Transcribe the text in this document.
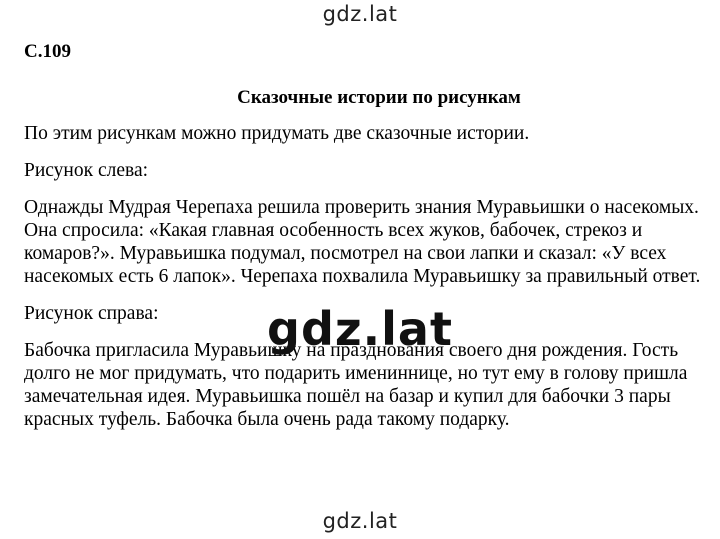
gdz.lat
С.109
Сказочные истории по рисункам

По этим рисункам можно придумать две сказочные истории.

Рисунок слева:

Однажды Мудрая Черепаха решила проверить знания Муравьишки о насекомых. Она спросила: «Какая главная особенность всех жуков, бабочек, стрекоз и комаров?». Муравьишка подумал, посмотрел на свои лапки и сказал: «У всех насекомых есть 6 лапок». Черепаха похвалила Муравьишку за правильный ответ.

Рисунок справа:

Бабочка пригласила Муравьишку на празднования своего дня рождения. Гость долго не мог придумать, что подарить имениннице, но тут ему в голову пришла замечательная идея. Муравьишка пошёл на базар и купил для бабочки 3 пары красных туфель. Бабочка была очень рада такому подарку.

gdz.lat
gdz.lat
